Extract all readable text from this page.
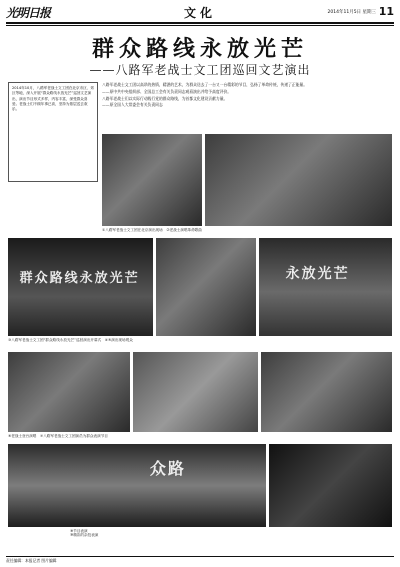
光明日报	文化	2014年11月5日 星期三 11
群众路线永放光芒
——八路军老战士文工团巡回文艺演出
2014年10月，八路军老战士文工团在北京市区、郊区等地，深入开展“群众路线永放光芒”巡回文艺演出，演出节目形式多样，内容丰富，深受群众喜爱。老战士们不顾年事已高，坚持为基层送去欢乐。

八路军老战士文工团以高昂的热情，精湛的艺术，为群众送去了一台又一台精彩的节目，弘扬了革命传统，传递了正能量。

——原中共中央组织部、全国总工会有关负责同志观看演出并给予高度评价。

八路军老战士们以实际行动践行党的群众路线，为首都文化建设贡献力量。

——原全国人大常委会有关负责同志

①八路军老战士文工团在北京演出现场　 ②老战士演唱革命歌曲
群众路线永放光芒	永放光芒
③八路军老战士文工团“群众路线永放光芒”巡回演出开幕式　 ④⑤演出现场观众
⑥老战士登台演唱　 ⑦八路军老战士文工团演员为群众表演节目
众路
⑧节目表演
⑨精彩的杂技表演
责任编辑：本报记者 图片编辑
